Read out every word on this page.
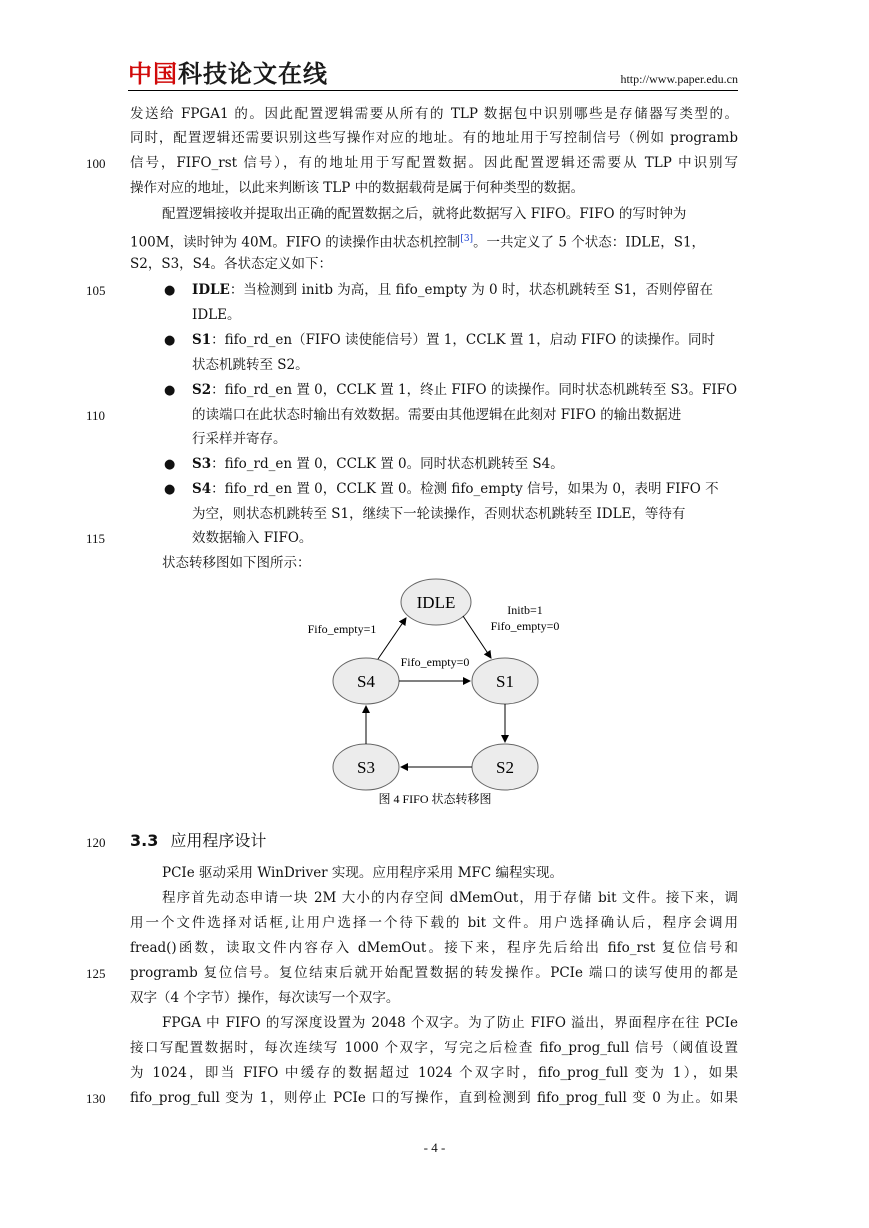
中国科技论文在线	http://www.paper.edu.cn
发送给 FPGA1 的。因此配置逻辑需要从所有的 TLP 数据包中识别哪些是存储器写类型的。
同时，配置逻辑还需要识别这些写操作对应的地址。有的地址用于写控制信号（例如 programb
信号，FIFO_rst 信号），有的地址用于写配置数据。因此配置逻辑还需要从 TLP 中识别写
操作对应的地址，以此来判断该 TLP 中的数据载荷是属于何种类型的数据。
配置逻辑接收并提取出正确的配置数据之后，就将此数据写入 FIFO。FIFO 的写时钟为
100M，读时钟为 40M。FIFO 的读操作由状态机控制[3]。一共定义了 5 个状态：IDLE，S1，
S2，S3，S4。各状态定义如下：
● IDLE：当检测到 initb 为高，且 fifo_empty 为 0 时，状态机跳转至 S1，否则停留在
IDLE。
● S1：fifo_rd_en（FIFO 读使能信号）置 1，CCLK 置 1，启动 FIFO 的读操作。同时
状态机跳转至 S2。
● S2：fifo_rd_en 置 0，CCLK 置 1，终止 FIFO 的读操作。同时状态机跳转至 S3。FIFO
的读端口在此状态时输出有效数据。需要由其他逻辑在此刻对 FIFO 的输出数据进
行采样并寄存。
● S3：fifo_rd_en 置 0，CCLK 置 0。同时状态机跳转至 S4。
● S4：fifo_rd_en 置 0，CCLK 置 0。检测 fifo_empty 信号，如果为 0，表明 FIFO 不
为空，则状态机跳转至 S1，继续下一轮读操作，否则状态机跳转至 IDLE，等待有
效数据输入 FIFO。
状态转移图如下图所示：
IDLE
S1
S2
S3
S4
Initb=1
Fifo_empty=0
Fifo_empty=1
Fifo_empty=0
图 4 FIFO 状态转移图
3.3 应用程序设计
PCIe 驱动采用 WinDriver 实现。应用程序采用 MFC 编程实现。
程序首先动态申请一块 2M 大小的内存空间 dMemOut，用于存储 bit 文件。接下来，调
用一个文件选择对话框,让用户选择一个待下载的 bit 文件。用户选择确认后，程序会调用
fread()函数，读取文件内容存入 dMemOut。接下来，程序先后给出 fifo_rst 复位信号和
programb 复位信号。复位结束后就开始配置数据的转发操作。PCIe 端口的读写使用的都是
双字（4 个字节）操作，每次读写一个双字。
FPGA 中 FIFO 的写深度设置为 2048 个双字。为了防止 FIFO 溢出，界面程序在往 PCIe
接口写配置数据时，每次连续写 1000 个双字，写完之后检查 fifo_prog_full 信号（阈值设置
为 1024，即当 FIFO 中缓存的数据超过 1024 个双字时，fifo_prog_full 变为 1），如果
fifo_prog_full 变为 1，则停止 PCIe 口的写操作，直到检测到 fifo_prog_full 变 0 为止。如果
100
105
110
115
120
125
130
- 4 -
